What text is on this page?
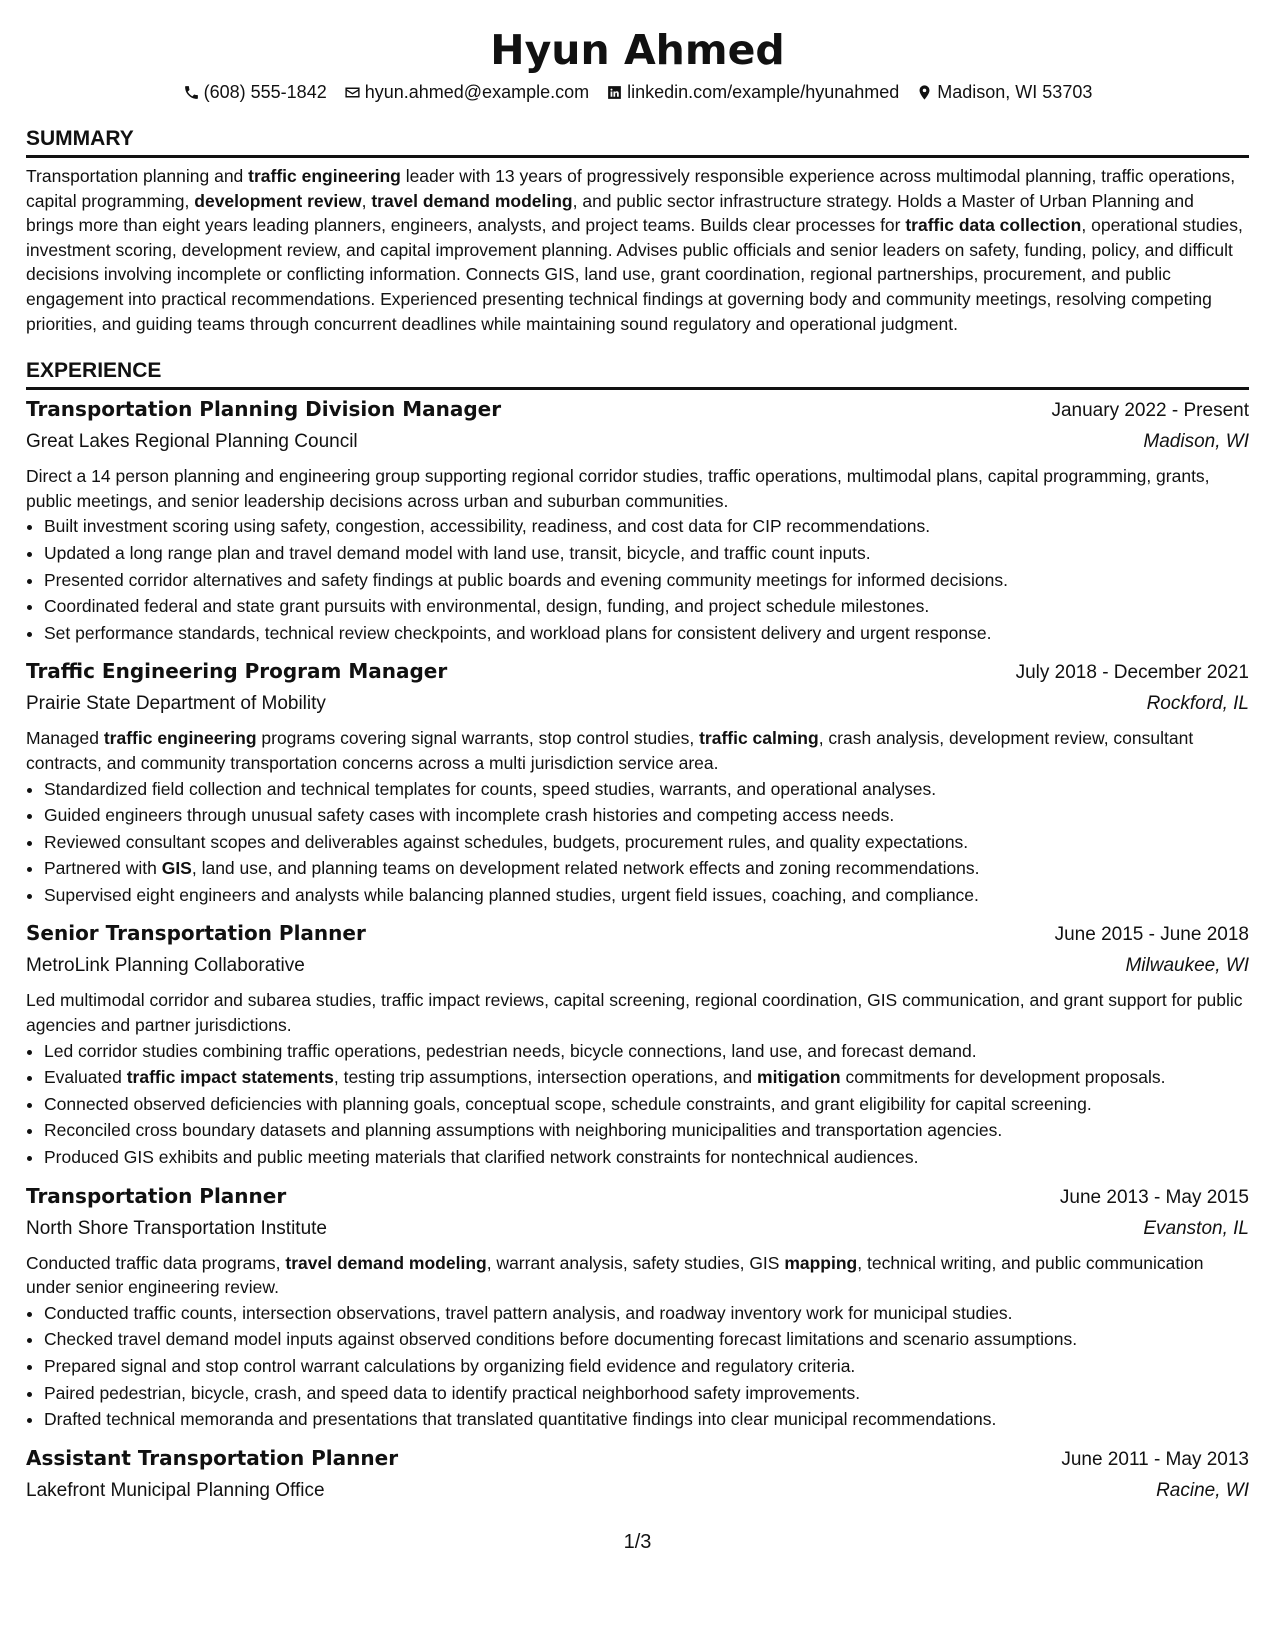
Hyun Ahmed
(608) 555-1842 hyun.ahmed@example.com linkedin.com/example/hyunahmed Madison, WI 53703
SUMMARY

Transportation planning and traffic engineering leader with 13 years of progressively responsible experience across multimodal planning, traffic operations, capital programming, development review, travel demand modeling, and public sector infrastructure strategy. Holds a Master of Urban Planning and brings more than eight years leading planners, engineers, analysts, and project teams. Builds clear processes for traffic data collection, operational studies, investment scoring, development review, and capital improvement planning. Advises public officials and senior leaders on safety, funding, policy, and difficult decisions involving incomplete or conflicting information. Connects GIS, land use, grant coordination, regional partnerships, procurement, and public engagement into practical recommendations. Experienced presenting technical findings at governing body and community meetings, resolving competing priorities, and guiding teams through concurrent deadlines while maintaining sound regulatory and operational judgment.

EXPERIENCE
Transportation Planning Division Manager	January 2022 - Present
Great Lakes Regional Planning Council	Madison, WI

Direct a 14 person planning and engineering group supporting regional corridor studies, traffic operations, multimodal plans, capital programming, grants, public meetings, and senior leadership decisions across urban and suburban communities.

• Built investment scoring using safety, congestion, accessibility, readiness, and cost data for CIP recommendations.
• Updated a long range plan and travel demand model with land use, transit, bicycle, and traffic count inputs.
• Presented corridor alternatives and safety findings at public boards and evening community meetings for informed decisions.
• Coordinated federal and state grant pursuits with environmental, design, funding, and project schedule milestones.
• Set performance standards, technical review checkpoints, and workload plans for consistent delivery and urgent response.
Traffic Engineering Program Manager	July 2018 - December 2021
Prairie State Department of Mobility	Rockford, IL

Managed traffic engineering programs covering signal warrants, stop control studies, traffic calming, crash analysis, development review, consultant contracts, and community transportation concerns across a multi jurisdiction service area.

• Standardized field collection and technical templates for counts, speed studies, warrants, and operational analyses.
• Guided engineers through unusual safety cases with incomplete crash histories and competing access needs.
• Reviewed consultant scopes and deliverables against schedules, budgets, procurement rules, and quality expectations.
• Partnered with GIS, land use, and planning teams on development related network effects and zoning recommendations.
• Supervised eight engineers and analysts while balancing planned studies, urgent field issues, coaching, and compliance.
Senior Transportation Planner	June 2015 - June 2018
MetroLink Planning Collaborative	Milwaukee, WI

Led multimodal corridor and subarea studies, traffic impact reviews, capital screening, regional coordination, GIS communication, and grant support for public agencies and partner jurisdictions.

• Led corridor studies combining traffic operations, pedestrian needs, bicycle connections, land use, and forecast demand.
• Evaluated traffic impact statements, testing trip assumptions, intersection operations, and mitigation commitments for development proposals.
• Connected observed deficiencies with planning goals, conceptual scope, schedule constraints, and grant eligibility for capital screening.
• Reconciled cross boundary datasets and planning assumptions with neighboring municipalities and transportation agencies.
• Produced GIS exhibits and public meeting materials that clarified network constraints for nontechnical audiences.
Transportation Planner	June 2013 - May 2015
North Shore Transportation Institute	Evanston, IL

Conducted traffic data programs, travel demand modeling, warrant analysis, safety studies, GIS mapping, technical writing, and public communication under senior engineering review.

• Conducted traffic counts, intersection observations, travel pattern analysis, and roadway inventory work for municipal studies.
• Checked travel demand model inputs against observed conditions before documenting forecast limitations and scenario assumptions.
• Prepared signal and stop control warrant calculations by organizing field evidence and regulatory criteria.
• Paired pedestrian, bicycle, crash, and speed data to identify practical neighborhood safety improvements.
• Drafted technical memoranda and presentations that translated quantitative findings into clear municipal recommendations.
Assistant Transportation Planner	June 2011 - May 2013
Lakefront Municipal Planning Office	Racine, WI
1/3
